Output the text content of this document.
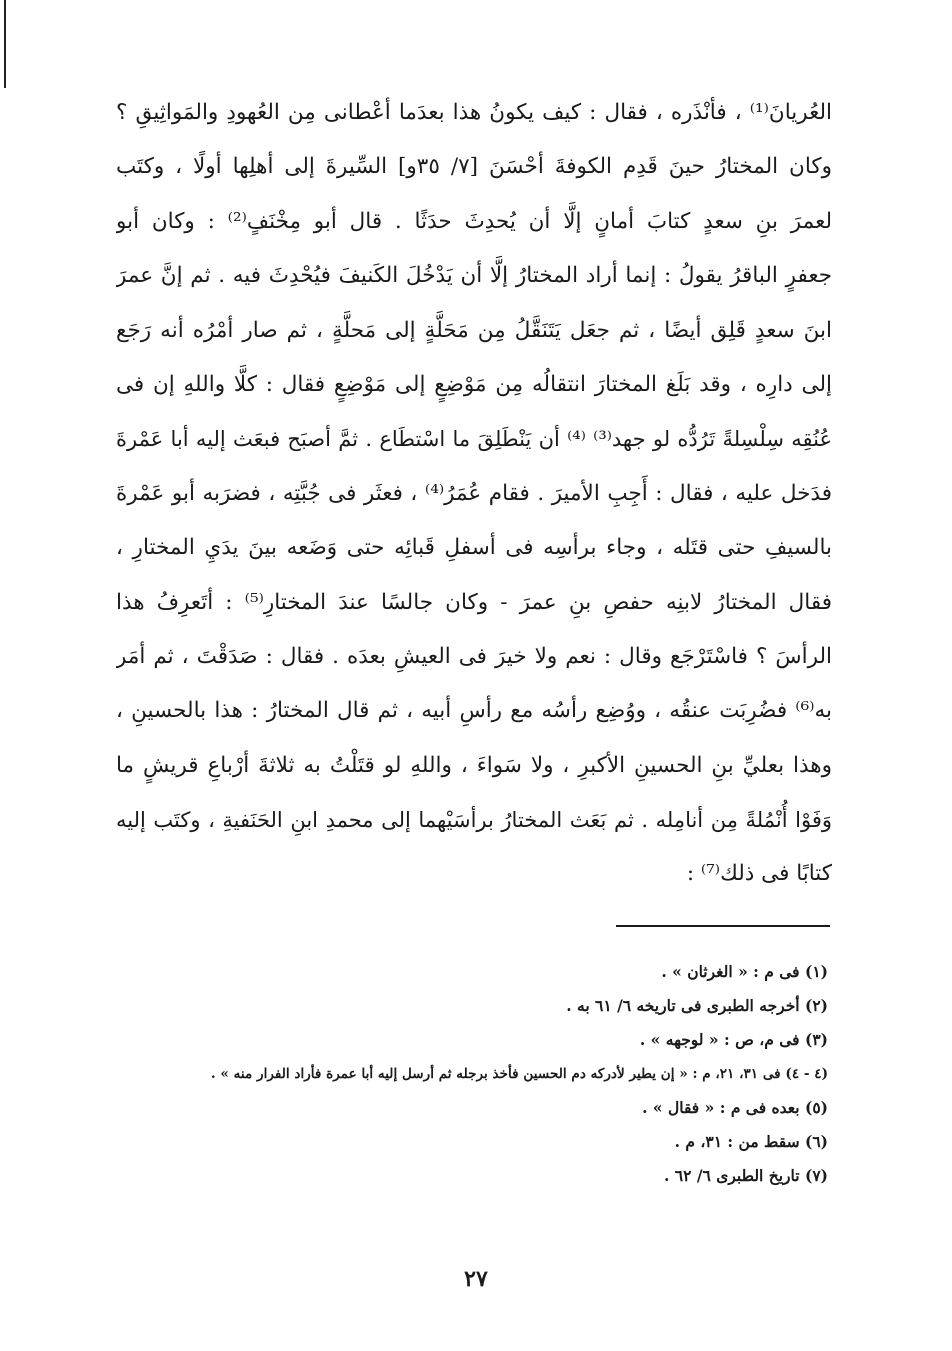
العُريانَ⁽¹⁾ ، فأنْذَره ، فقال : كيف يكونُ هذا بعدَما أعْطانى مِن العُهودِ والمَواثِيقِ ؟
وكان المختارُ حينَ قَدِم الكوفةَ أحْسَنَ [٧/ ٣٥و] السِّيرةَ إلى أهلِها أولًا ، وكتَب
لعمرَ بنِ سعدٍ كتابَ أمانٍ إلَّا أن يُحدِثَ حدَثًا . قال أبو مِخْنَفٍ⁽²⁾ : وكان أبو
جعفرٍ الباقرُ يقولُ : إنما أراد المختارُ إلَّا أن يَدْخُلَ الكَنيفَ فيُحْدِثَ فيه . ثم إنَّ عمرَ
ابنَ سعدٍ قَلِق أيضًا ، ثم جعَل يَتَنَقَّلُ مِن مَحَلَّةٍ إلى مَحلَّةٍ ، ثم صار أمْرُه أنه رَجَع
إلى دارِه ، وقد بَلَغ المختارَ انتقالُه مِن مَوْضِعٍ إلى مَوْضِعٍ فقال : كلَّا واللهِ إن فى
عُنُقِه سِلْسِلةً تَرُدُّه لو جهد⁽³⁾ ⁽⁴⁾ أن يَنْطَلِقَ ما اسْتطَاع . ثمَّ أصبَح فبعَث إليه أبا عَمْرةَ
فدَخل عليه ، فقال : أَجِبِ الأميرَ . فقام عُمَرُ⁽⁴⁾ ، فعثَر فى جُبَّتِه ، فضرَبه أبو عَمْرةَ
بالسيفِ حتى قتَله ، وجاء برأسِه فى أسفلِ قَبائِه حتى وَضَعه بينَ يدَيِ المختارِ ،
فقال المختارُ لابنِه حفصِ بنِ عمرَ - وكان جالسًا عندَ المختارِ⁽⁵⁾ : أتَعرِفُ هذا
الرأسَ ؟ فاسْتَرْجَع وقال : نعم ولا خيرَ فى العيشِ بعدَه . فقال : صَدَقْتَ ، ثم أمَر
به⁽⁶⁾ فضُرِبَت عنقُه ، ووُضِع رأسُه مع رأسِ أبيه ، ثم قال المختارُ : هذا بالحسينِ ،
وهذا بعليِّ بنِ الحسينِ الأكبرِ ، ولا سَواءَ ، واللهِ لو قتَلْتُ به ثلاثةَ أرْباعِ قريشٍ ما
وَفَوْا أُنْمُلةً مِن أنامِله . ثم بَعَث المختارُ برأسَيْهما إلى محمدِ ابنِ الحَنَفيةِ ، وكتَب إليه
كتابًا فى ذلك⁽⁷⁾ :
(١) فى م : « الغرثان » .
(٢) أخرجه الطبرى فى تاريخه ٦/ ٦١ به .
(٣) فى م، ص : « لوجهه » .
(٤ - ٤) فى ٣١، ٢١، م : « إن يطير لأدركه دم الحسين فأخذ برجله ثم أرسل إليه أبا عمرة فأراد الفرار منه » .
(٥) بعده فى م : « فقال » .
(٦) سقط من : ٣١، م .
(٧) تاريخ الطبرى ٦/ ٦٢ .
٢٧
